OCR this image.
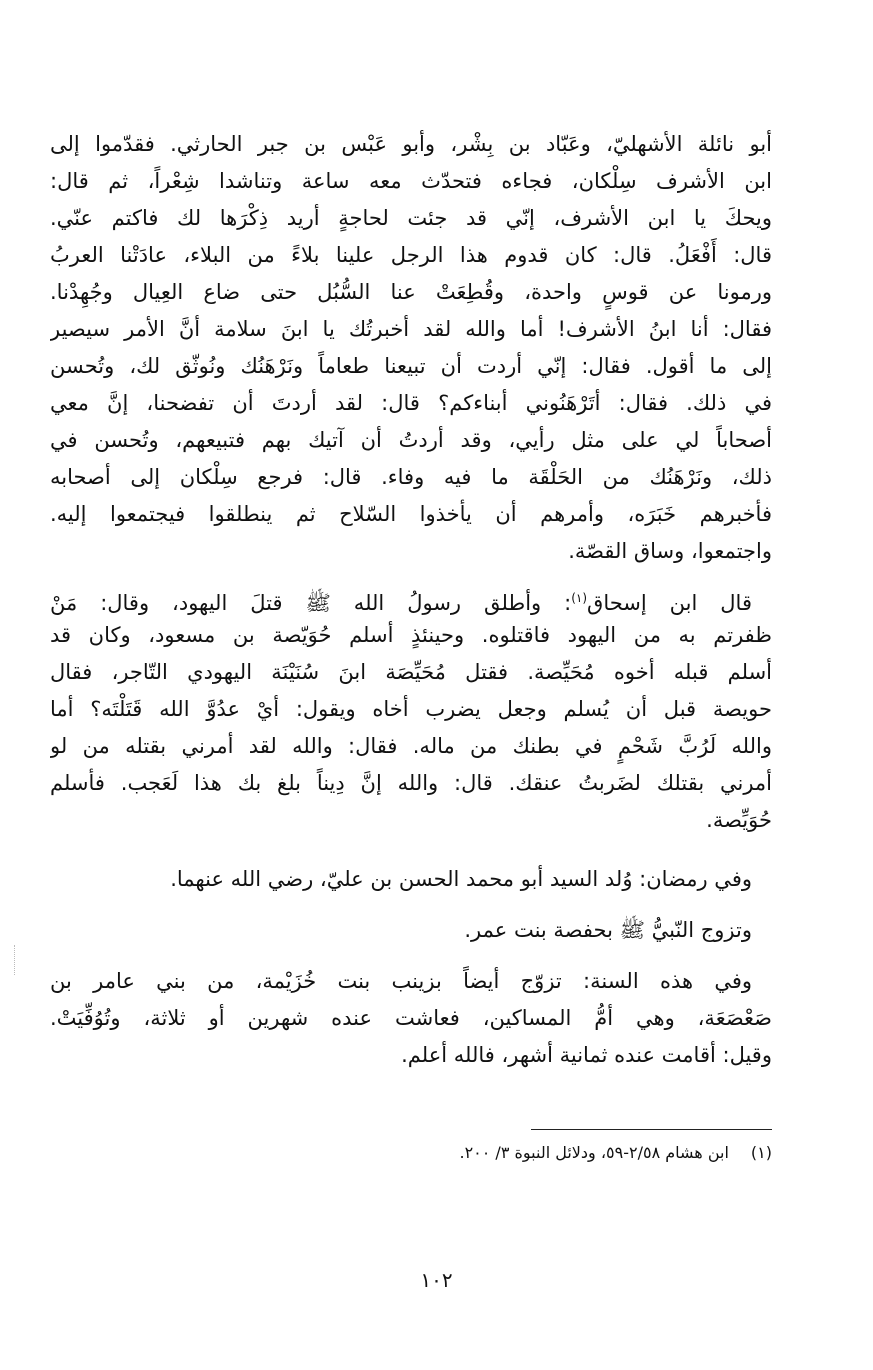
أبو نائلة الأشهليّ، وعَبّاد بن بِشْر، وأبو عَبْس بن جبر الحارثي. فقدّموا إلى
ابن الأشرف سِلْكان، فجاءه فتحدّث معه ساعة وتناشدا شِعْراً، ثم قال:
ويحكَ يا ابن الأشرف، إنّي قد جئت لحاجةٍ أريد ذِكْرَها لك فاكتم عنّي.
قال: أَفْعَلُ. قال: كان قدوم هذا الرجل علينا بلاءً من البلاء، عادَتْنا العربُ
ورمونا عن قوسٍ واحدة، وقُطِعَتْ عنا السُّبُل حتى ضاع العِيال وجُهِدْنا.
فقال: أنا ابنُ الأشرف! أما والله لقد أخبرتُك يا ابنَ سلامة أنَّ الأمر سيصير
إلى ما أقول. فقال: إنّي أردت أن تبيعنا طعاماً ونَرْهَنُك ونُوثّق لك، وتُحسن
في ذلك. فقال: أتَرْهَنُوني أبناءكم؟ قال: لقد أردتَ أن تفضحنا، إنَّ معي
أصحاباً لي على مثل رأيي، وقد أردتُ أن آتيك بهم فتبيعهم، وتُحسن في
ذلك، ونَرْهَنُك من الحَلْقَة ما فيه وفاء. قال: فرجع سِلْكان إلى أصحابه
فأخبرهم خَبَرَه، وأمرهم أن يأخذوا السّلاح ثم ينطلقوا فيجتمعوا إليه.
واجتمعوا، وساق القصّة.
قال ابن إسحاق$^{(١)}$: وأطلق رسولُ الله ﷺ قتلَ اليهود، وقال: مَنْ
ظفرتم به من اليهود فاقتلوه. وحينئذٍ أسلم حُوَيّصة بن مسعود، وكان قد
أسلم قبله أخوه مُحَيِّصة. فقتل مُحَيِّصَة ابنَ سُنَيْنَة اليهودي التّاجر، فقال
حويصة قبل أن يُسلم وجعل يضرب أخاه ويقول: أيْ عدُوَّ الله قَتَلْتَه؟ أما
والله لَرُبَّ شَحْمٍ في بطنك من ماله. فقال: والله لقد أمرني بقتله من لو
أمرني بقتلك لضَربتُ عنقك. قال: والله إنَّ دِيناً بلغ بك هذا لَعَجب. فأسلم
حُوَيِّصة.
وفي رمضان: وُلد السيد أبو محمد الحسن بن عليّ، رضي الله عنهما.
وتزوج النّبيُّ ﷺ بحفصة بنت عمر.
وفي هذه السنة: تزوّج أيضاً بزينب بنت خُزَيْمة، من بني عامر بن
صَعْصَعَة، وهي أمُّ المساكين، فعاشت عنده شهرين أو ثلاثة، وتُوُفِّيَتْ.
وقيل: أقامت عنده ثمانية أشهر، فالله أعلم.
(١)ابن هشام ٢/٥٨-٥٩، ودلائل النبوة ٣/ ٢٠٠.
١٠٢
